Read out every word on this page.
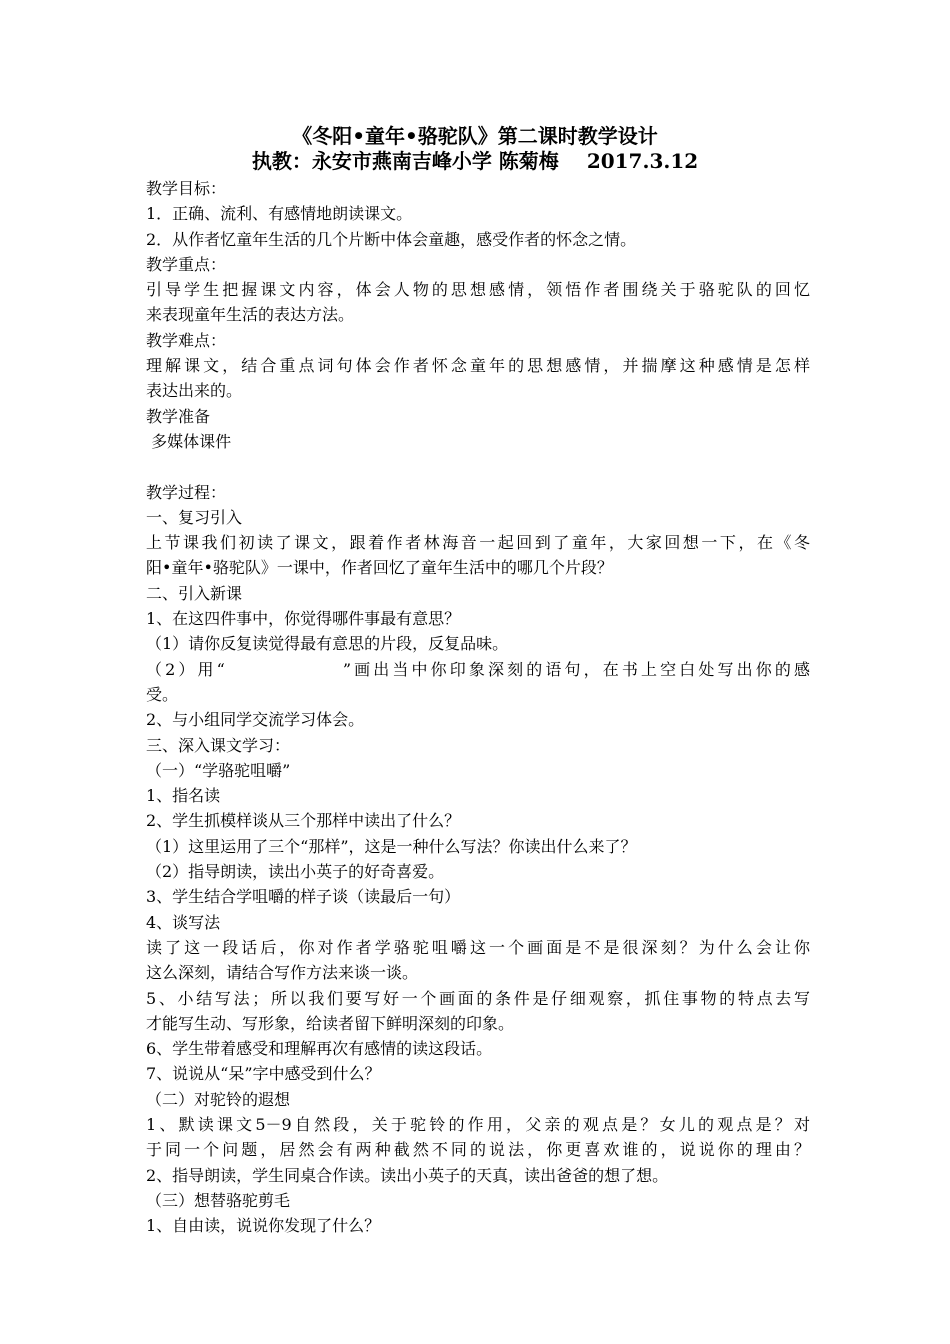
《冬阳•童年•骆驼队》第二课时教学设计
执教：永安市燕南吉峰小学 陈菊梅 2017.3.12
教学目标：
1．正确、流利、有感情地朗读课文。
2．从作者忆童年生活的几个片断中体会童趣，感受作者的怀念之情。
教学重点：
引导学生把握课文内容，体会人物的思想感情，领悟作者围绕关于骆驼队的回忆
来表现童年生活的表达方法。
教学难点：
理解课文，结合重点词句体会作者怀念童年的思想感情，并揣摩这种感情是怎样
表达出来的。
教学准备
多媒体课件
教学过程：
一、复习引入
上节课我们初读了课文，跟着作者林海音一起回到了童年，大家回想一下，在《冬
阳•童年•骆驼队》一课中，作者回忆了童年生活中的哪几个片段？
二、引入新课
1、在这四件事中，你觉得哪件事最有意思？
（1）请你反复读觉得最有意思的片段，反复品味。
（2）用“	”画出当中你印象深刻的语句，在书上空白处写出你的感
受。
2、与小组同学交流学习体会。
三、深入课文学习：
（一）“学骆驼咀嚼”
1、指名读
2、学生抓模样谈从三个那样中读出了什么？
（1）这里运用了三个“那样”，这是一种什么写法？你读出什么来了？
（2）指导朗读，读出小英子的好奇喜爱。
3、学生结合学咀嚼的样子谈（读最后一句）
4、谈写法
读了这一段话后，你对作者学骆驼咀嚼这一个画面是不是很深刻？为什么会让你
这么深刻，请结合写作方法来谈一谈。
5、小结写法；所以我们要写好一个画面的条件是仔细观察，抓住事物的特点去写
才能写生动、写形象，给读者留下鲜明深刻的印象。
6、学生带着感受和理解再次有感情的读这段话。
7、说说从“呆”字中感受到什么？
（二）对驼铃的遐想
1、默读课文5－9自然段，关于驼铃的作用，父亲的观点是？女儿的观点是？对
于同一个问题，居然会有两种截然不同的说法，你更喜欢谁的，说说你的理由？
2、指导朗读，学生同桌合作读。读出小英子的天真，读出爸爸的想了想。
（三）想替骆驼剪毛
1、自由读，说说你发现了什么？
